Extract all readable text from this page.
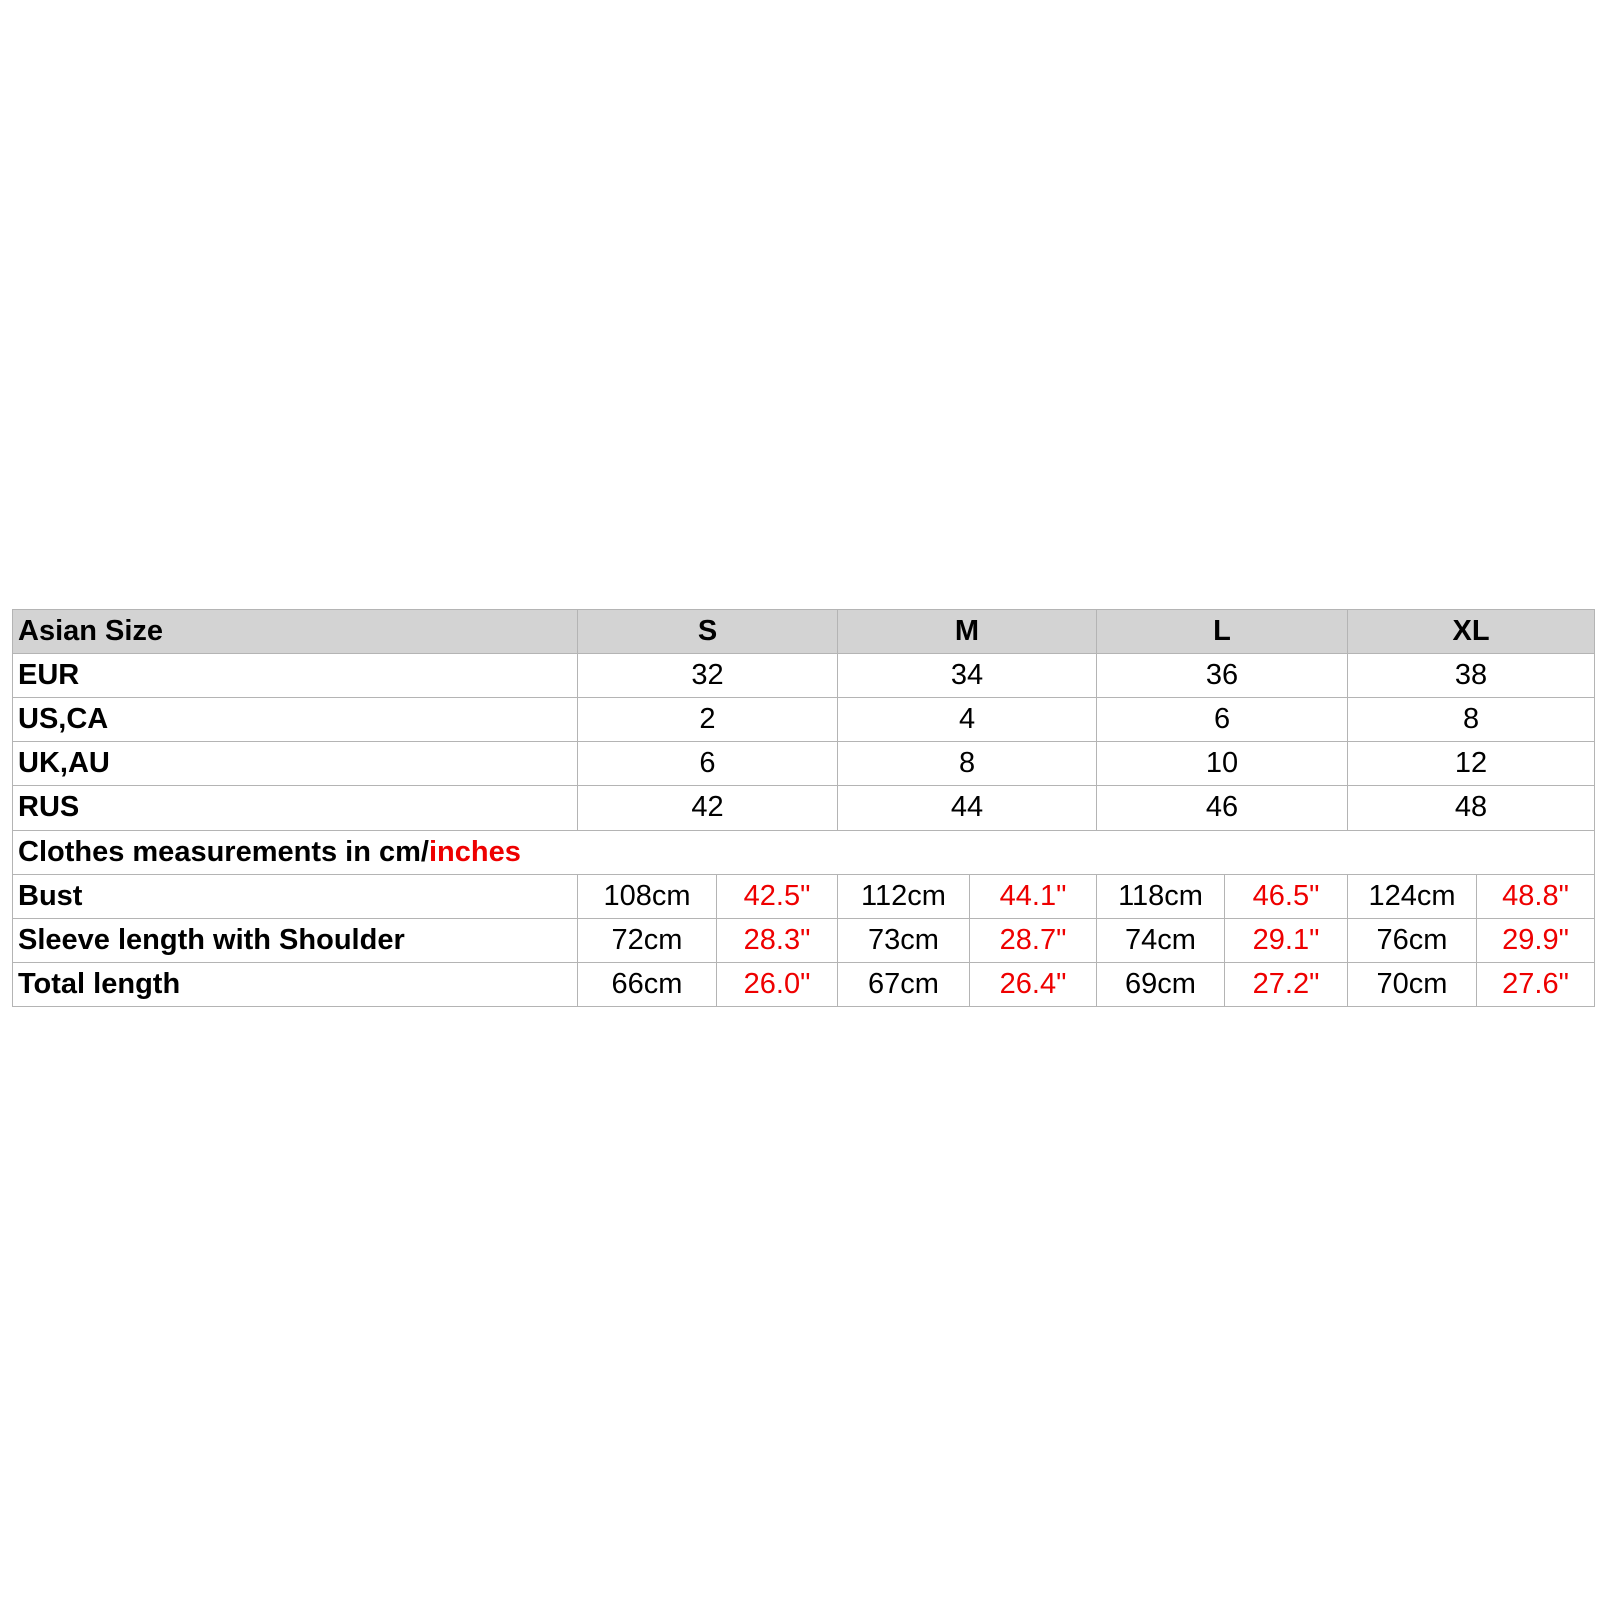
Asian Size	S		M		L		XL	
EUR	32		34		36		38	
US,CA	2		4		6		8	
UK,AU	6		8		10		12	
RUS	42		44		46		48	
Clothes measurements in cm/inches								
Bust	108cm	42.5"	112cm	44.1"	118cm	46.5"	124cm	48.8"
Sleeve length with Shoulder	72cm	28.3"	73cm	28.7"	74cm	29.1"	76cm	29.9"
Total length	66cm	26.0"	67cm	26.4"	69cm	27.2"	70cm	27.6"
